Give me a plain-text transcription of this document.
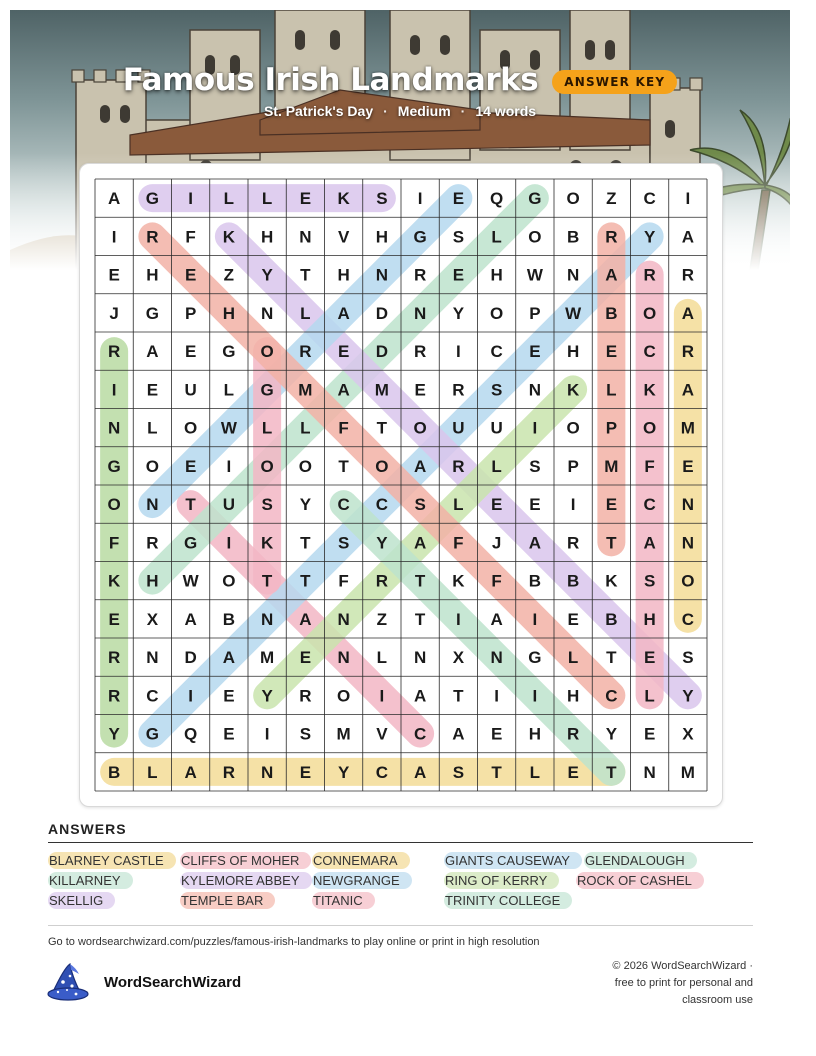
Famous Irish Landmarks ANSWER KEY
St. Patrick's Day · Medium · 14 words
A G I L L E K S I E Q G O Z C I
I R F K H N V H G S L O B R Y A
E H E Z Y T H N R E H W N A R R
J G P H N L A D N Y O P W B O A
R A E G O R E D R I C E H E C R
I E U L G M A M E R S N K L K A
N L O W L L F T O U U I O P O M
G O E I O O T O A R L S P M F E
O N T U S Y C C S L E E I E C N
F R G I K T S Y A F J A R T A N
K H W O T T F R T K F B B K S O
E X A B N A N Z T I A I E B H C
R N D A M E N L N X N G L T E S
R C I E Y R O I A T I I H C L Y
Y G Q E I S M V C A E H R Y E X
B L A R N E Y C A S T L E T N M
ANSWERS
BLARNEY CASTLE	CLIFFS OF MOHER	CONNEMARA	GIANTS CAUSEWAY	GLENDALOUGH
KILLARNEY	KYLEMORE ABBEY	NEWGRANGE	RING OF KERRY	ROCK OF CASHEL
SKELLIG	TEMPLE BAR	TITANIC	TRINITY COLLEGE
Go to wordsearchwizard.com/puzzles/famous-irish-landmarks to play online or print in high resolution
WordSearchWizard
© 2026 WordSearchWizard ·
free to print for personal and
classroom use
